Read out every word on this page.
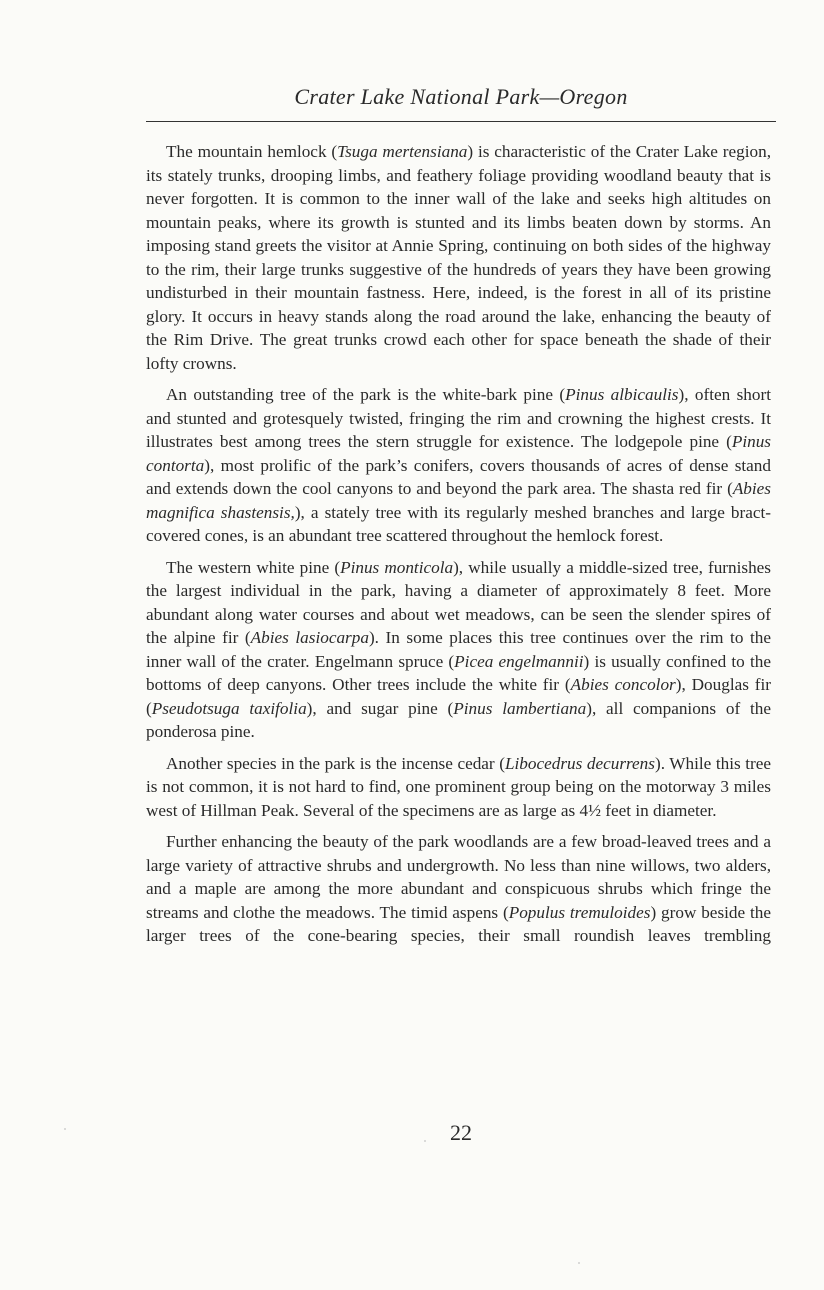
Crater Lake National Park—Oregon

The mountain hemlock (Tsuga mertensiana) is characteristic of the Crater Lake region, its stately trunks, drooping limbs, and feathery foliage providing woodland beauty that is never forgotten. It is common to the inner wall of the lake and seeks high altitudes on mountain peaks, where its growth is stunted and its limbs beaten down by storms. An imposing stand greets the visitor at Annie Spring, continuing on both sides of the highway to the rim, their large trunks suggestive of the hundreds of years they have been growing undisturbed in their mountain fastness. Here, indeed, is the forest in all of its pristine glory. It occurs in heavy stands along the road around the lake, enhancing the beauty of the Rim Drive. The great trunks crowd each other for space beneath the shade of their lofty crowns.

An outstanding tree of the park is the white-bark pine (Pinus albicaulis), often short and stunted and grotesquely twisted, fringing the rim and crowning the highest crests. It illustrates best among trees the stern struggle for existence. The lodgepole pine (Pinus contorta), most prolific of the park’s conifers, covers thousands of acres of dense stand and extends down the cool canyons to and beyond the park area. The shasta red fir (Abies magnifica shastensis,), a stately tree with its regularly meshed branches and large bract-covered cones, is an abundant tree scattered throughout the hemlock forest.

The western white pine (Pinus monticola), while usually a middle-sized tree, furnishes the largest individual in the park, having a diameter of approximately 8 feet. More abundant along water courses and about wet meadows, can be seen the slender spires of the alpine fir (Abies lasiocarpa). In some places this tree continues over the rim to the inner wall of the crater. Engelmann spruce (Picea engelmannii) is usually confined to the bottoms of deep canyons. Other trees include the white fir (Abies concolor), Douglas fir (Pseudotsuga taxifolia), and sugar pine (Pinus lambertiana), all companions of the ponderosa pine.

Another species in the park is the incense cedar (Libocedrus decurrens). While this tree is not common, it is not hard to find, one prominent group being on the motorway 3 miles west of Hillman Peak. Several of the specimens are as large as 4½ feet in diameter.

Further enhancing the beauty of the park woodlands are a few broad-leaved trees and a large variety of attractive shrubs and undergrowth. No less than nine willows, two alders, and a maple are among the more abundant and conspicuous shrubs which fringe the streams and clothe the meadows. The timid aspens (Populus tremuloides) grow beside the larger trees of the cone-bearing species, their small roundish leaves trembling

22
